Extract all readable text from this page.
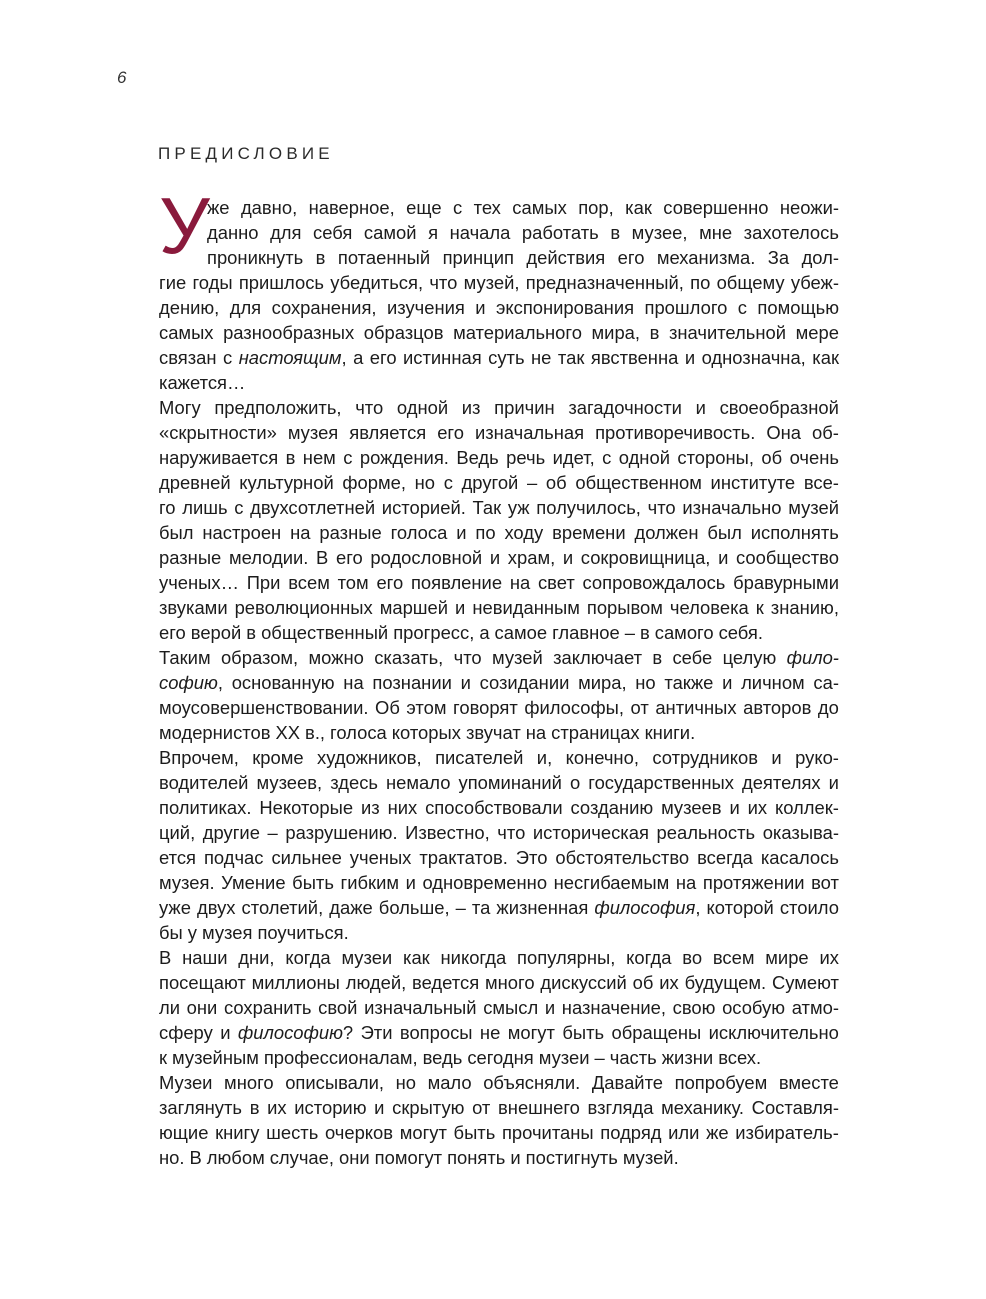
6
ПРЕДИСЛОВИЕ
У
же давно, наверное, еще с тех самых пор, как совершенно неожи-
данно для себя самой я начала работать в музее, мне захотелось
проникнуть в потаенный принцип действия его механизма. За дол-
гие годы пришлось убедиться, что музей, предназначенный, по общему убеж-
дению, для сохранения, изучения и экспонирования прошлого с помощью
самых разнообразных образцов материального мира, в значительной мере
связан с настоящим, а его истинная суть не так явственна и однозначна, как
кажется…
Могу предположить, что одной из причин загадочности и своеобразной
«скрытности» музея является его изначальная противоречивость. Она об-
наруживается в нем с рождения. Ведь речь идет, с одной стороны, об очень
древней культурной форме, но с другой – об общественном институте все-
го лишь с двухсотлетней историей. Так уж получилось, что изначально музей
был настроен на разные голоса и по ходу времени должен был исполнять
разные мелодии. В его родословной и храм, и сокровищница, и сообщество
ученых… При всем том его появление на свет сопровождалось бравурными
звуками революционных маршей и невиданным порывом человека к знанию,
его верой в общественный прогресс, а самое главное – в самого себя.
Таким образом, можно сказать, что музей заключает в себе целую фило-
софию, основанную на познании и созидании мира, но также и личном са-
моусовершенствовании. Об этом говорят философы, от античных авторов до
модернистов XX в., голоса которых звучат на страницах книги.
Впрочем, кроме художников, писателей и, конечно, сотрудников и руко-
водителей музеев, здесь немало упоминаний о государственных деятелях и
политиках. Некоторые из них способствовали созданию музеев и их коллек-
ций, другие – разрушению. Известно, что историческая реальность оказыва-
ется подчас сильнее ученых трактатов. Это обстоятельство всегда касалось
музея. Умение быть гибким и одновременно несгибаемым на протяжении вот
уже двух столетий, даже больше, – та жизненная философия, которой стоило
бы у музея поучиться.
В наши дни, когда музеи как никогда популярны, когда во всем мире их
посещают миллионы людей, ведется много дискуссий об их будущем. Сумеют
ли они сохранить свой изначальный смысл и назначение, свою особую атмо-
сферу и философию? Эти вопросы не могут быть обращены исключительно
к музейным профессионалам, ведь сегодня музеи – часть жизни всех.
Музеи много описывали, но мало объясняли. Давайте попробуем вместе
заглянуть в их историю и скрытую от внешнего взгляда механику. Составля-
ющие книгу шесть очерков могут быть прочитаны подряд или же избиратель-
но. В любом случае, они помогут понять и постигнуть музей.
